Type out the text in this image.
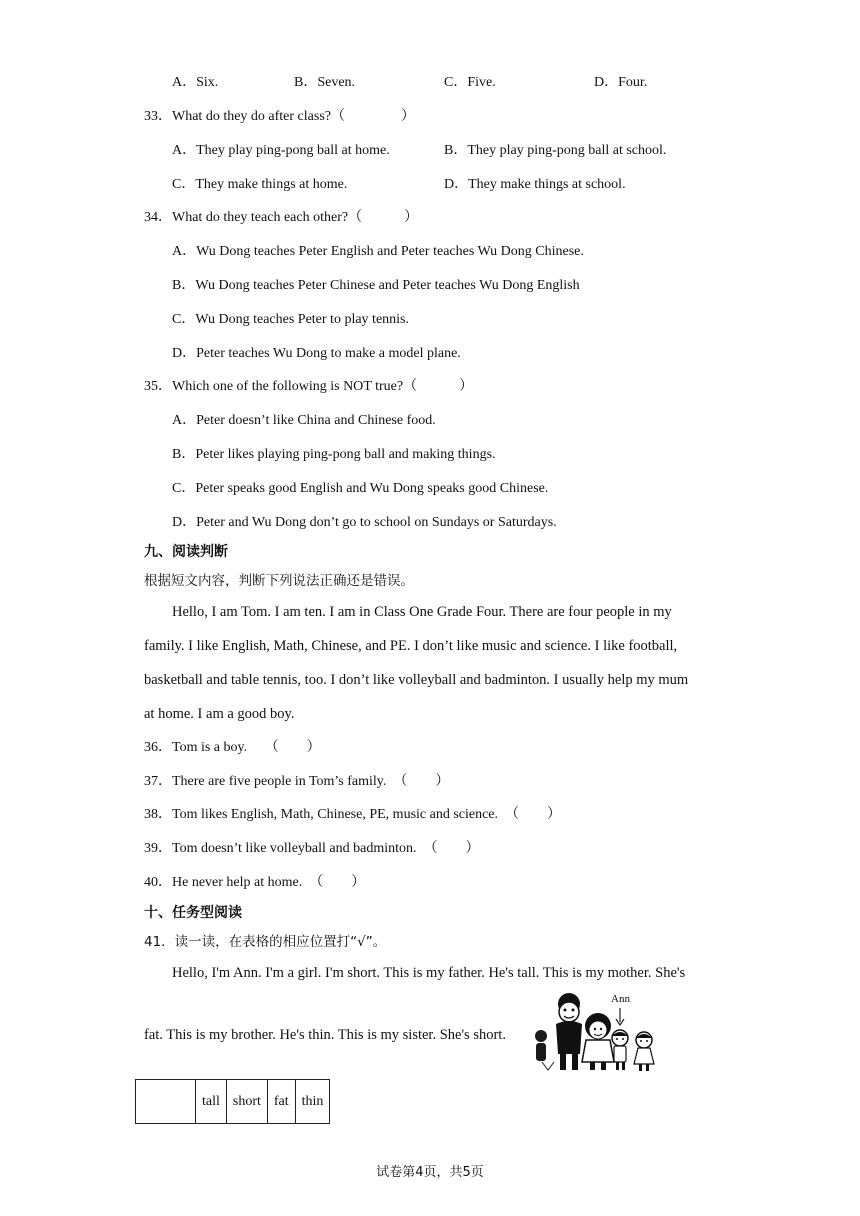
A．Six.	B．Seven.	C．Five.	D．Four.
33．What do they do after class?（　　　　）
A．They play ping-pong ball at home.	B．They play ping-pong ball at school.
C．They make things at home.	D．They make things at school.
34．What do they teach each other?（　　　）
A．Wu Dong teaches Peter English and Peter teaches Wu Dong Chinese.
B．Wu Dong teaches Peter Chinese and Peter teaches Wu Dong English
C．Wu Dong teaches Peter to play tennis.
D．Peter teaches Wu Dong to make a model plane.
35．Which one of the following is NOT true?（　　　）
A．Peter doesn’t like China and Chinese food.
B．Peter likes playing ping-pong ball and making things.
C．Peter speaks good English and Wu Dong speaks good Chinese.
D．Peter and Wu Dong don’t go to school on Sundays or Saturdays.
九、阅读判断
根据短文内容，判断下列说法正确还是错误。
Hello, I am Tom. I am ten. I am in Class One Grade Four. There are four people in my
family. I like English, Math, Chinese, and PE. I don’t like music and science. I like football,
basketball and table tennis, too. I don’t like volleyball and badminton. I usually help my mum
at home. I am a good boy.
36．Tom is a boy.　 （　　）
37．There are five people in Tom’s family.　（　　）
38．Tom likes English, Math, Chinese, PE, music and science.　（　　）
39．Tom doesn’t like volleyball and badminton.　（　　）
40．He never help at home.　（　　）
十、任务型阅读
41．读一读，在表格的相应位置打“√”。
Hello, I'm Ann. I'm a girl. I'm short. This is my father. He's tall. This is my mother. She's
fat. This is my brother. He's thin. This is my sister. She's short.
Ann
	tall	short	fat	thin
试卷第4页，共5页
